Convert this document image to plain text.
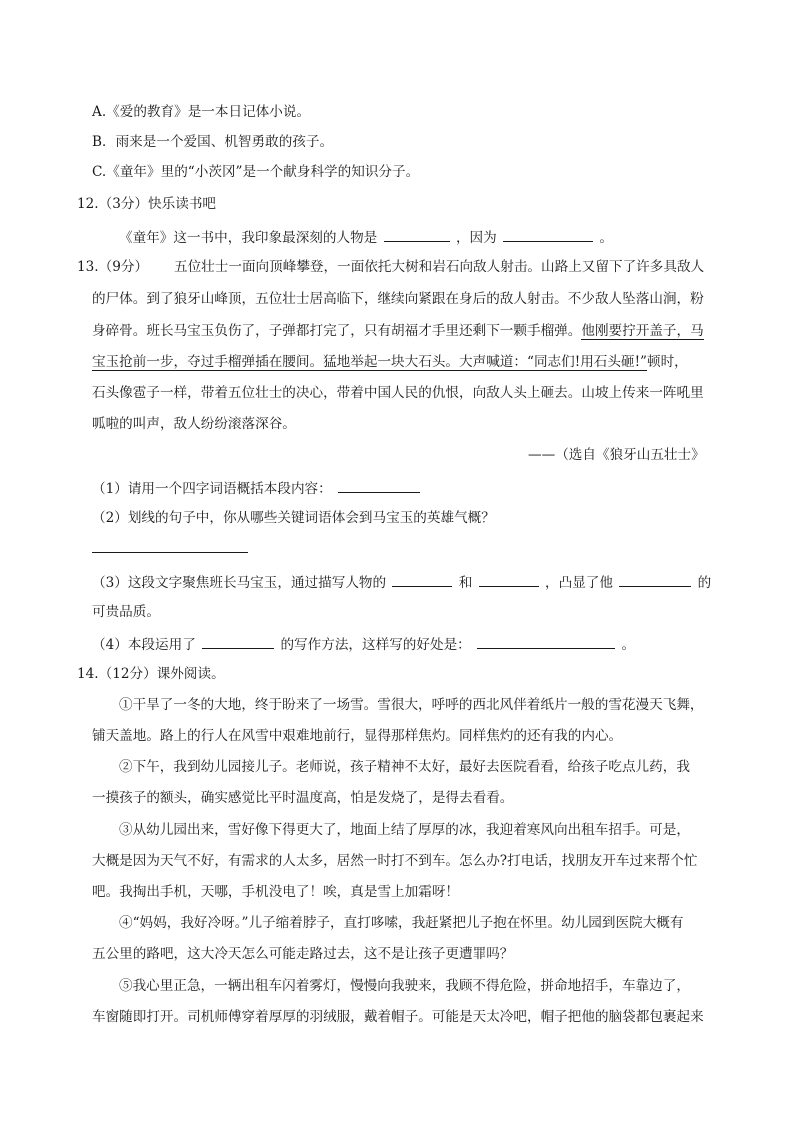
A.《爱的教育》是一本日记体小说。
B．雨来是一个爱国、机智勇敢的孩子。
C.《童年》里的“小茨冈”是一个献身科学的知识分子。
12.（3分）快乐读书吧
《童年》这一书中，我印象最深刻的人物是	，因为	。
13.（9分） 五位壮士一面向顶峰攀登，一面依托大树和岩石向敌人射击。山路上又留下了许多具敌人
的尸体。到了狼牙山峰顶，五位壮士居高临下，继续向紧跟在身后的敌人射击。不少敌人坠落山涧，粉
身碎骨。班长马宝玉负伤了，子弹都打完了，只有胡福才手里还剩下一颗手榴弹。他刚要拧开盖子，马
宝玉抢前一步，夺过手榴弹插在腰间。猛地举起一块大石头。大声喊道：“同志们!用石头砸!”顿时，
石头像雹子一样，带着五位壮士的决心，带着中国人民的仇恨，向敌人头上砸去。山坡上传来一阵吼里
呱啦的叫声，敌人纷纷滚落深谷。
——（选自《狼牙山五壮士》
（1）请用一个四字词语概括本段内容：
（2）划线的句子中，你从哪些关键词语体会到马宝玉的英雄气概？
（3）这段文字聚焦班长马宝玉，通过描写人物的	和	，凸显了他	的
可贵品质。
（4）本段运用了	的写作方法，这样写的好处是：	。
14.（12分）课外阅读。
①干旱了一冬的大地，终于盼来了一场雪。雪很大，呼呼的西北风伴着纸片一般的雪花漫天飞舞，
铺天盖地。路上的行人在风雪中艰难地前行，显得那样焦灼。同样焦灼的还有我的内心。
②下午，我到幼儿园接儿子。老师说，孩子精神不太好，最好去医院看看，给孩子吃点儿药，我
一摸孩子的额头，确实感觉比平时温度高，怕是发烧了，是得去看看。
③从幼儿园出来，雪好像下得更大了，地面上结了厚厚的冰，我迎着寒风向出租车招手。可是，
大概是因为天气不好，有需求的人太多，居然一时打不到车。怎么办?打电话，找朋友开车过来帮个忙
吧。我掏出手机，天哪，手机没电了！唉，真是雪上加霜呀！
④“妈妈，我好冷呀。”儿子缩着脖子，直打哆嗦，我赶紧把儿子抱在怀里。幼儿园到医院大概有
五公里的路吧，这大冷天怎么可能走路过去，这不是让孩子更遭罪吗？
⑤我心里正急，一辆出租车闪着雾灯，慢慢向我驶来，我顾不得危险，拼命地招手，车靠边了，
车窗随即打开。司机师傅穿着厚厚的羽绒服，戴着帽子。可能是天太冷吧，帽子把他的脑袋都包裹起来
